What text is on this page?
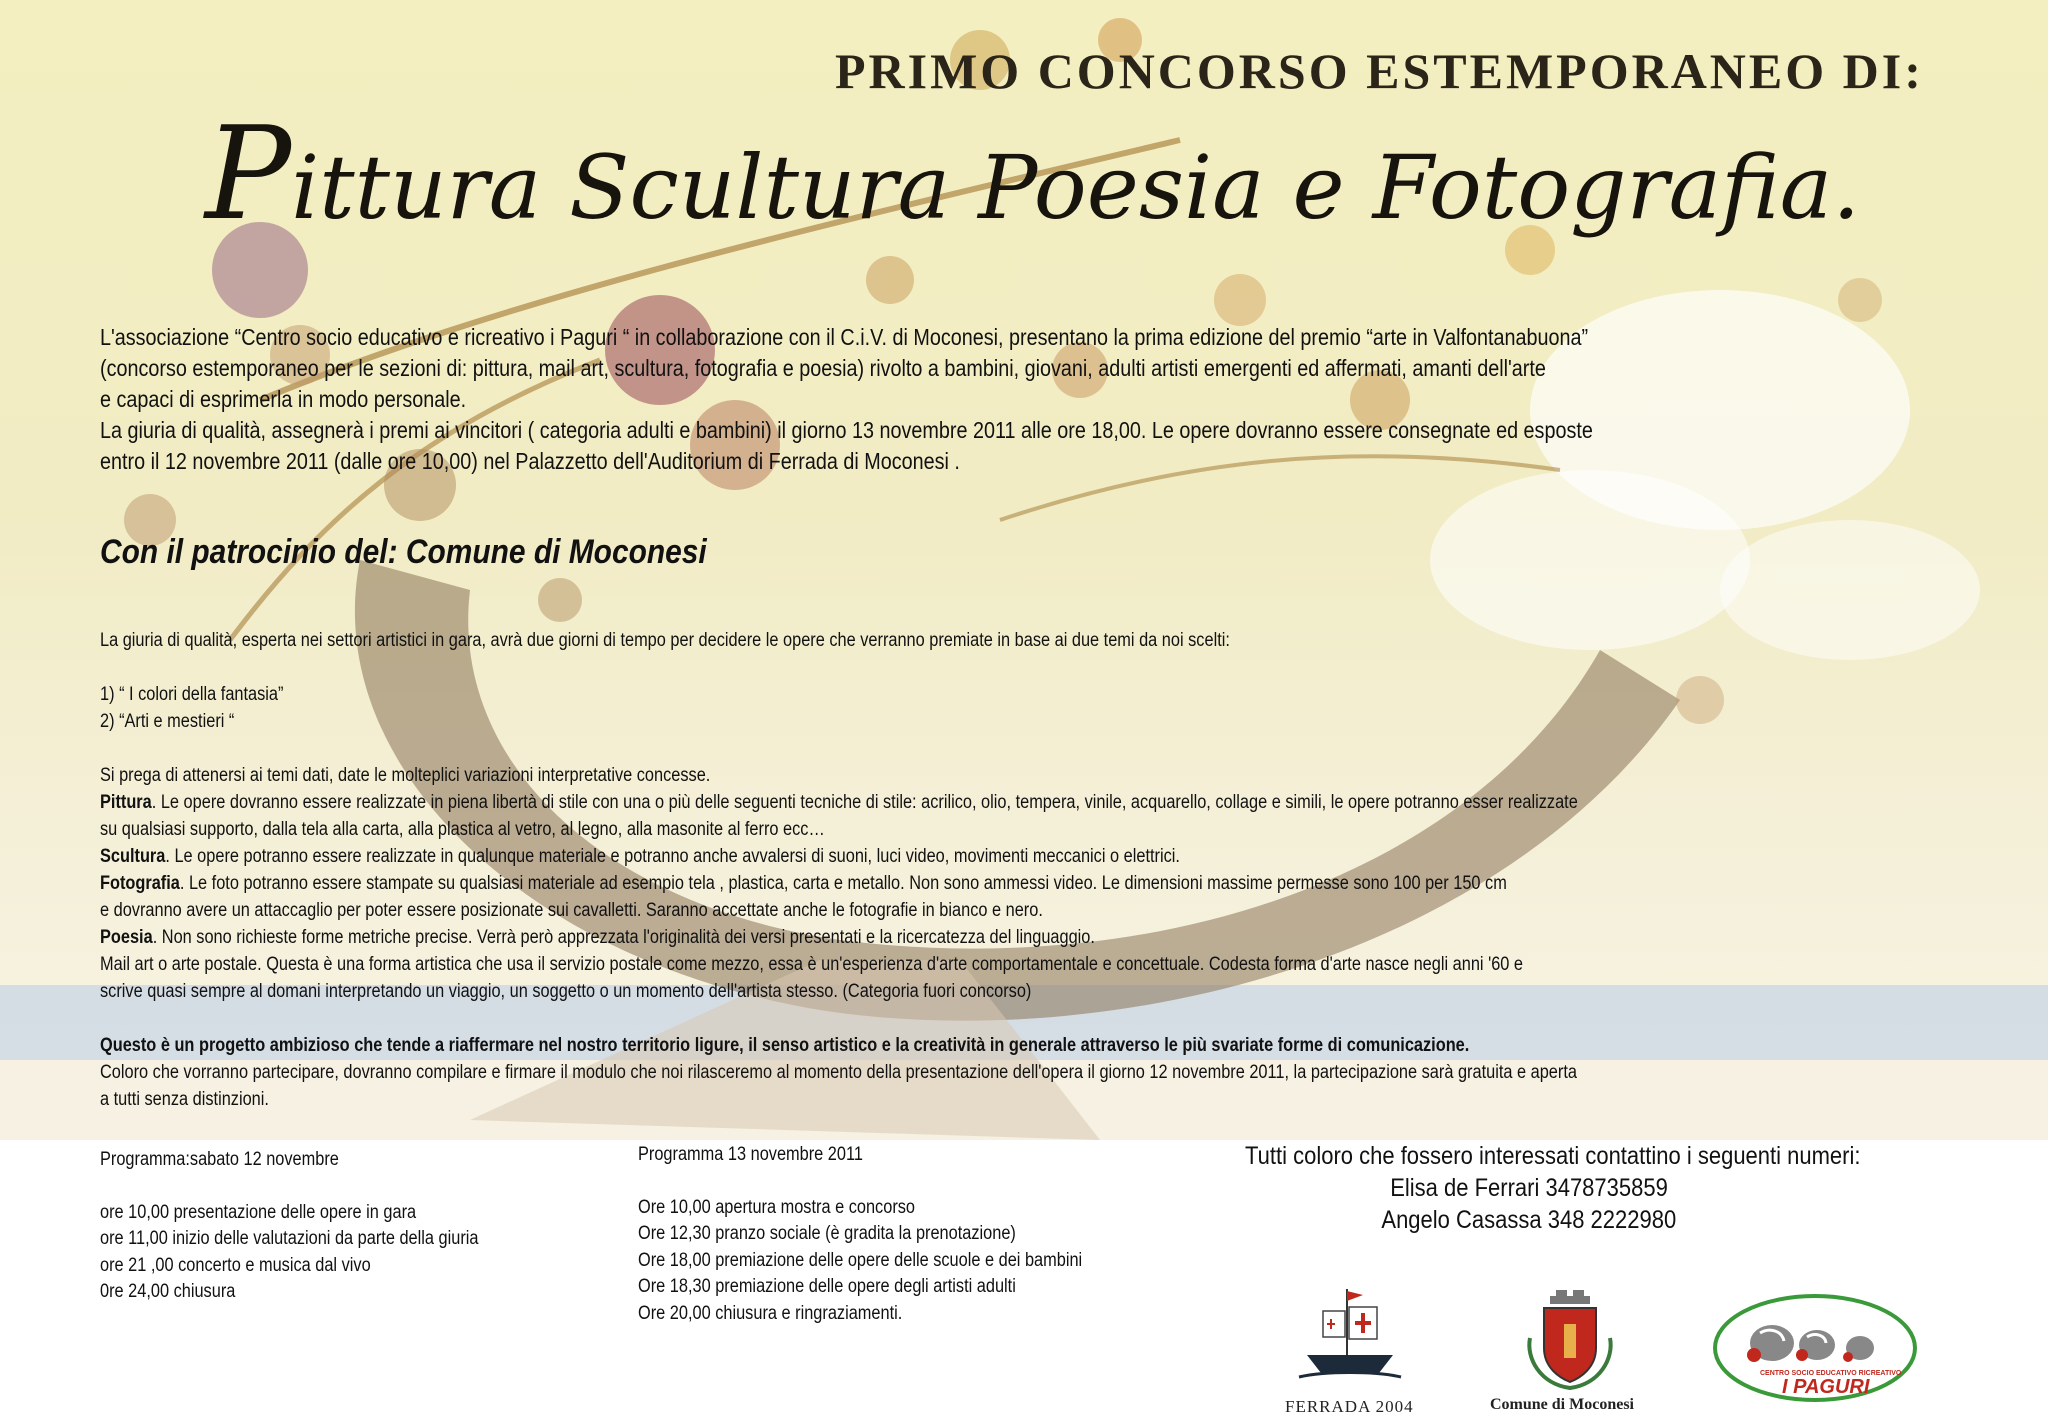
PRIMO CONCORSO ESTEMPORANEO DI:
Pittura Scultura Poesia e Fotografia.

L'associazione “Centro socio educativo e ricreativo i Paguri “ in collaborazione con il C.i.V. di Moconesi, presentano la prima edizione del premio “arte in Valfontanabuona”

(concorso estemporaneo per le sezioni di: pittura, mail art, scultura, fotografia e poesia) rivolto a bambini, giovani, adulti artisti emergenti ed affermati, amanti dell'arte

e capaci di esprimerla in modo personale.

La giuria di qualità, assegnerà i premi ai vincitori ( categoria adulti e bambini) il giorno 13 novembre 2011 alle ore 18,00. Le opere dovranno essere consegnate ed esposte

entro il 12 novembre 2011 (dalle ore 10,00) nel Palazzetto dell'Auditorium di Ferrada di Moconesi .

Con il patrocinio del: Comune di Moconesi

La giuria di qualità, esperta nei settori artistici in gara, avrà due giorni di tempo per decidere le opere che verranno premiate in base ai due temi da noi scelti:

1) “ I colori della fantasia”

2) “Arti e mestieri “

Si prega di attenersi ai temi dati, date le molteplici variazioni interpretative concesse.

Pittura. Le opere dovranno essere realizzate in piena libertà di stile con una o più delle seguenti tecniche di stile: acrilico, olio, tempera, vinile, acquarello, collage e simili, le opere potranno esser realizzate

su qualsiasi supporto, dalla tela alla carta, alla plastica al vetro, al legno, alla masonite al ferro ecc…

Scultura. Le opere potranno essere realizzate in qualunque materiale e potranno anche avvalersi di suoni, luci video, movimenti meccanici o elettrici.

Fotografia. Le foto potranno essere stampate su qualsiasi materiale ad esempio tela , plastica, carta e metallo. Non sono ammessi video. Le dimensioni massime permesse sono 100 per 150 cm

e dovranno avere un attaccaglio per poter essere posizionate sui cavalletti. Saranno accettate anche le fotografie in bianco e nero.

Poesia. Non sono richieste forme metriche precise. Verrà però apprezzata l'originalità dei versi presentati e la ricercatezza del linguaggio.

Mail art o arte postale. Questa è una forma artistica che usa il servizio postale come mezzo, essa è un'esperienza d'arte comportamentale e concettuale. Codesta forma d'arte nasce negli anni '60 e

scrive quasi sempre al domani interpretando un viaggio, un soggetto o un momento dell'artista stesso. (Categoria fuori concorso)

Questo è un progetto ambizioso che tende a riaffermare nel nostro territorio ligure, il senso artistico e la creatività in generale attraverso le più svariate forme di comunicazione.

Coloro che vorranno partecipare, dovranno compilare e firmare il modulo che noi rilasceremo al momento della presentazione dell'opera il giorno 12 novembre 2011, la partecipazione sarà gratuita e aperta

a tutti senza distinzioni.

Programma:sabato 12 novembre

ore 10,00 presentazione delle opere in gara

ore 11,00 inizio delle valutazioni da parte della giuria

ore 21 ,00 concerto e musica dal vivo

0re 24,00 chiusura

Programma 13 novembre 2011

Ore 10,00 apertura mostra e concorso

Ore 12,30 pranzo sociale (è gradita la prenotazione)

Ore 18,00 premiazione delle opere delle scuole e dei bambini

Ore 18,30 premiazione delle opere degli artisti adulti

Ore 20,00 chiusura e ringraziamenti.

Tutti coloro che fossero interessati contattino i seguenti numeri:

Elisa de Ferrari 3478735859

Angelo Casassa 348 2222980

FERRADA 2004	Comune di Moconesi
CENTRO SOCIO EDUCATIVO RICREATIVO
I PAGURI
